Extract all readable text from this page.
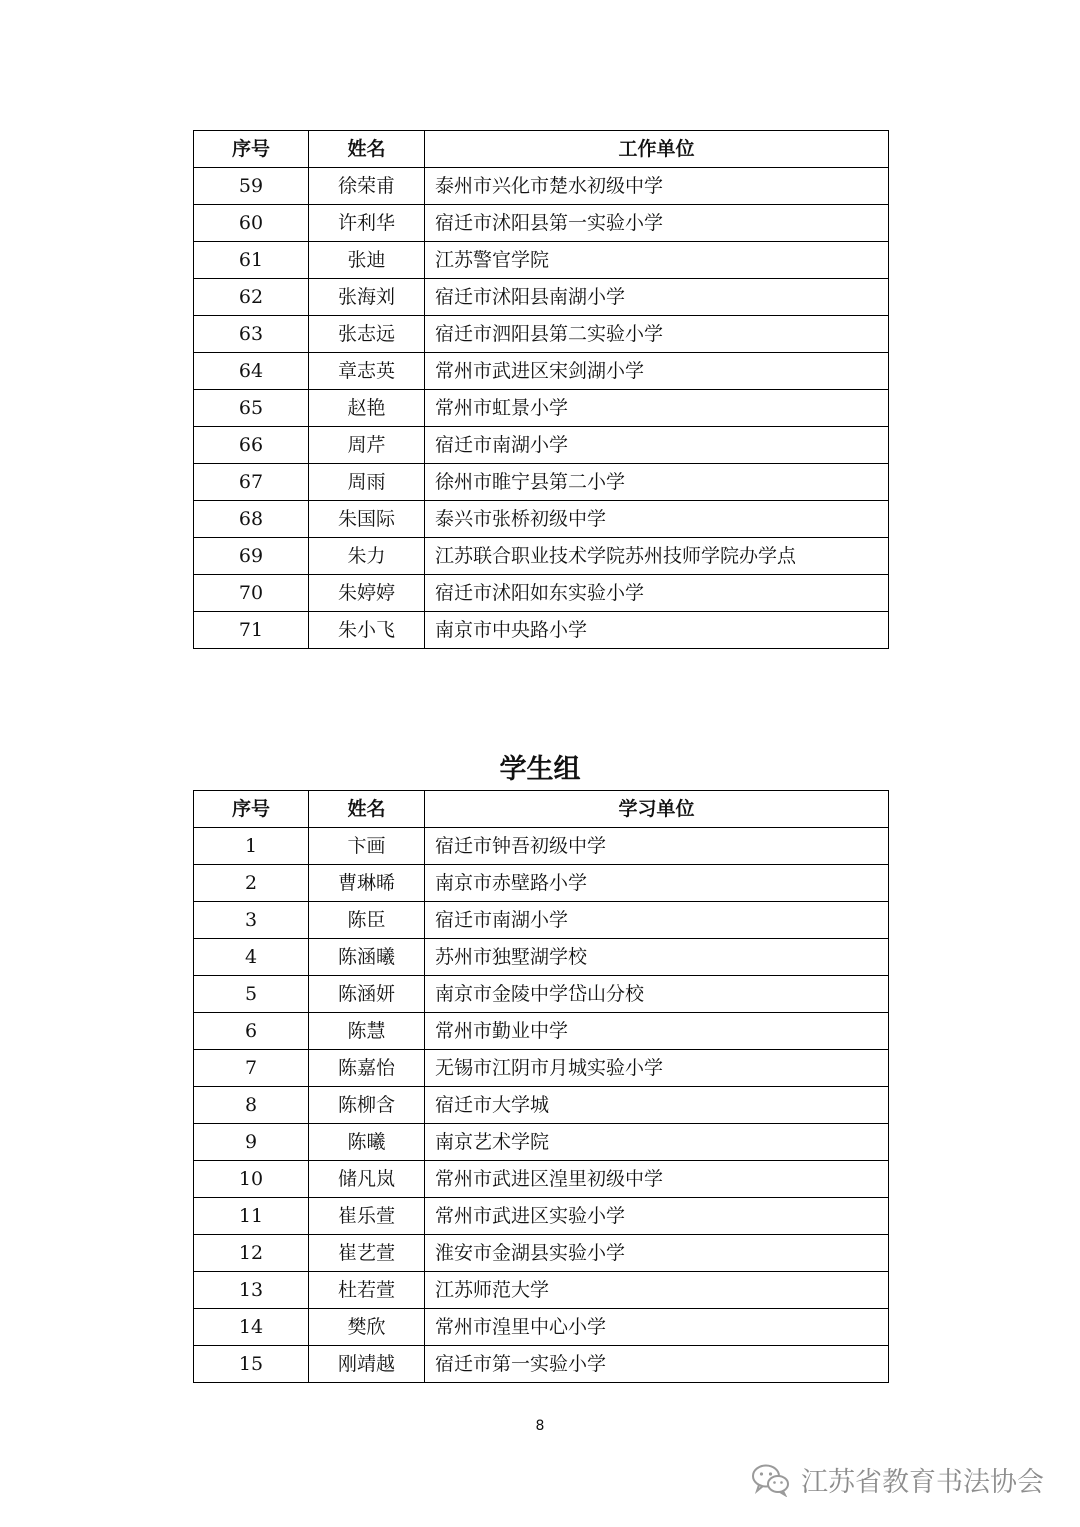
序号	姓名	工作单位
59	徐荣甫	泰州市兴化市楚水初级中学
60	许利华	宿迁市沭阳县第一实验小学
61	张迪	江苏警官学院
62	张海刘	宿迁市沭阳县南湖小学
63	张志远	宿迁市泗阳县第二实验小学
64	章志英	常州市武进区宋剑湖小学
65	赵艳	常州市虹景小学
66	周芹	宿迁市南湖小学
67	周雨	徐州市睢宁县第二小学
68	朱国际	泰兴市张桥初级中学
69	朱力	江苏联合职业技术学院苏州技师学院办学点
70	朱婷婷	宿迁市沭阳如东实验小学
71	朱小飞	南京市中央路小学
学生组
序号	姓名	学习单位
1	卞画	宿迁市钟吾初级中学
2	曹琳晞	南京市赤壁路小学
3	陈臣	宿迁市南湖小学
4	陈涵曦	苏州市独墅湖学校
5	陈涵妍	南京市金陵中学岱山分校
6	陈慧	常州市勤业中学
7	陈嘉怡	无锡市江阴市月城实验小学
8	陈柳含	宿迁市大学城
9	陈曦	南京艺术学院
10	储凡岚	常州市武进区湟里初级中学
11	崔乐萱	常州市武进区实验小学
12	崔艺萱	淮安市金湖县实验小学
13	杜若萱	江苏师范大学
14	樊欣	常州市湟里中心小学
15	刚靖越	宿迁市第一实验小学
8
江苏省教育书法协会
